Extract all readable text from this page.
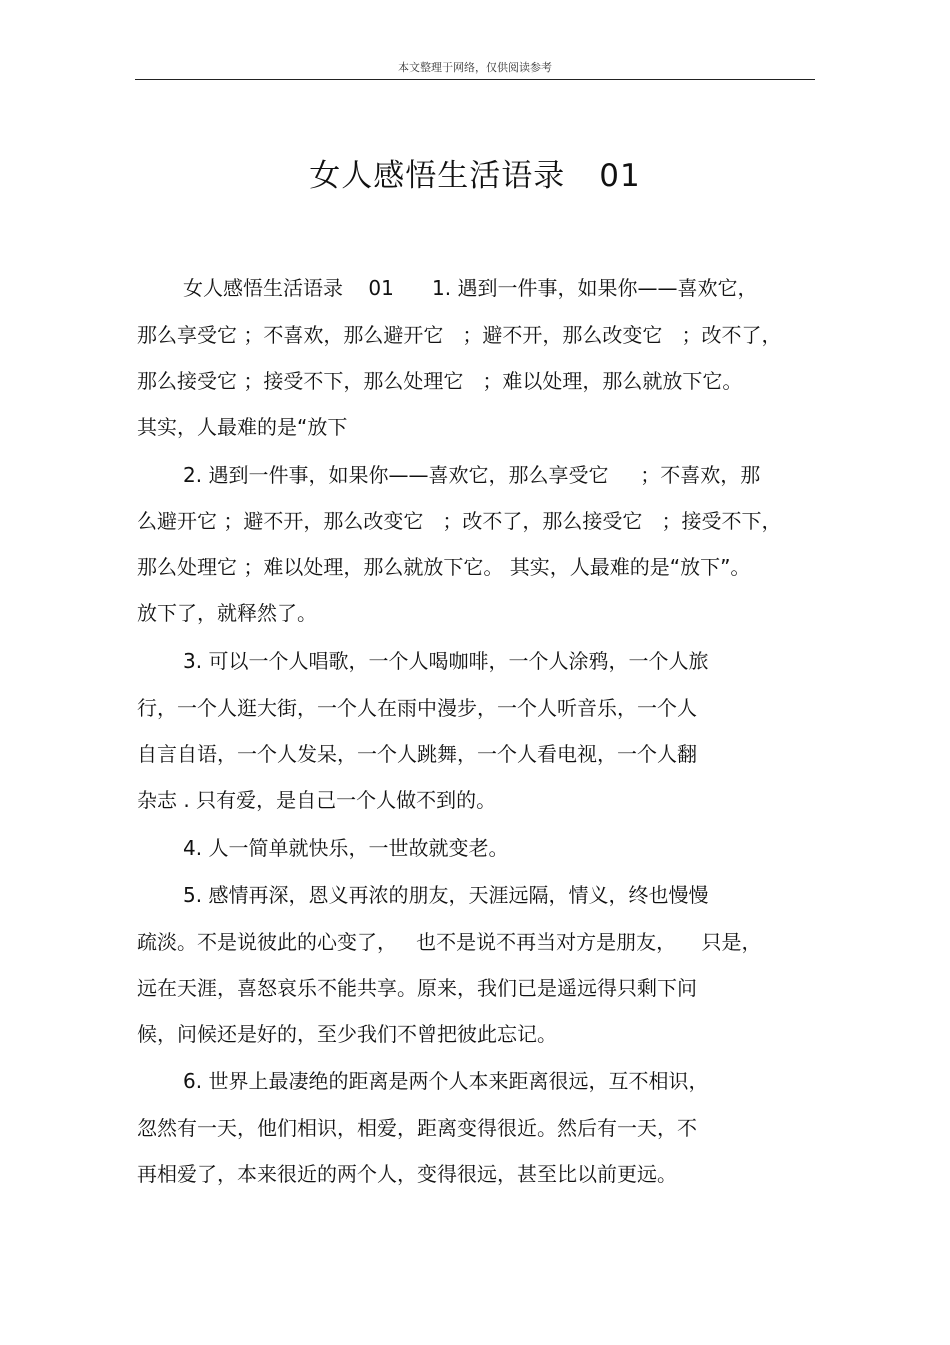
本文整理于网络，仅供阅读参考
女人感悟生活语录 01
女人感悟生活语录    01      1. 遇到一件事，如果你——喜欢它，
那么享受它 ；不喜欢，那么避开它   ；避不开，那么改变它   ；改不了，
那么接受它 ；接受不下，那么处理它   ；难以处理，那么就放下它。
其实，人最难的是“放下
2. 遇到一件事，如果你——喜欢它，那么享受它     ；不喜欢，那
么避开它 ；避不开，那么改变它   ；改不了，那么接受它   ；接受不下，
那么处理它 ；难以处理，那么就放下它。 其实，人最难的是“放下”。
放下了，就释然了。
3. 可以一个人唱歌，一个人喝咖啡，一个人涂鸦，一个人旅
行，一个人逛大街，一个人在雨中漫步，一个人听音乐，一个人
自言自语，一个人发呆，一个人跳舞，一个人看电视，一个人翻
杂志 . 只有爱，是自己一个人做不到的。
4. 人一简单就快乐，一世故就变老。
5. 感情再深，恩义再浓的朋友，天涯远隔，情义，终也慢慢
疏淡。不是说彼此的心变了，   也不是说不再当对方是朋友，    只是，
远在天涯，喜怒哀乐不能共享。原来，我们已是遥远得只剩下问
候，问候还是好的，至少我们不曾把彼此忘记。
6. 世界上最凄绝的距离是两个人本来距离很远，互不相识，
忽然有一天，他们相识，相爱，距离变得很近。然后有一天，不
再相爱了，本来很近的两个人，变得很远，甚至比以前更远。
